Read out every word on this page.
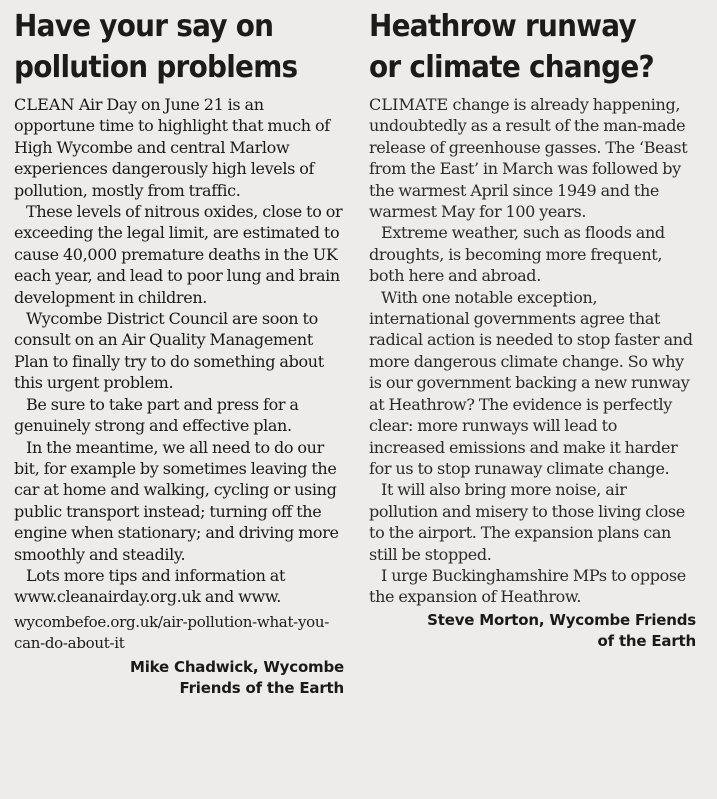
Have your say on
pollution problems

CLEAN Air Day on June 21 is an opportune time to highlight that much of High Wycombe and central Marlow experiences dangerously high levels of pollution, mostly from traffic.

These levels of nitrous oxides, close to or exceeding the legal limit, are estimated to cause 40,000 premature deaths in the UK each year, and lead to poor lung and brain development in children.

Wycombe District Council are soon to consult on an Air Quality Management Plan to finally try to do something about this urgent problem.

Be sure to take part and press for a genuinely strong and effective plan.

In the meantime, we all need to do our bit, for example by sometimes leaving the car at home and walking, cycling or using public transport instead; turning off the engine when stationary; and driving more smoothly and steadily.

Lots more tips and information at www.cleanairday.org.uk and www.

wycombefoe.org.uk/air-pollution-what-you-can-do-about-it

Mike Chadwick, Wycombe
Friends of the Earth

Heathrow runway
or climate change?

CLIMATE change is already happening, undoubtedly as a result of the man-made release of greenhouse gasses. The ‘Beast from the East’ in March was followed by the warmest April since 1949 and the warmest May for 100 years.

Extreme weather, such as floods and droughts, is becoming more frequent, both here and abroad.

With one notable exception, international governments agree that radical action is needed to stop faster and more dangerous climate change. So why is our government backing a new runway at Heathrow? The evidence is perfectly clear: more runways will lead to increased emissions and make it harder for us to stop runaway climate change.

It will also bring more noise, air pollution and misery to those living close to the airport. The expansion plans can still be stopped.

I urge Buckinghamshire MPs to oppose the expansion of Heathrow.

Steve Morton, Wycombe Friends
of the Earth
